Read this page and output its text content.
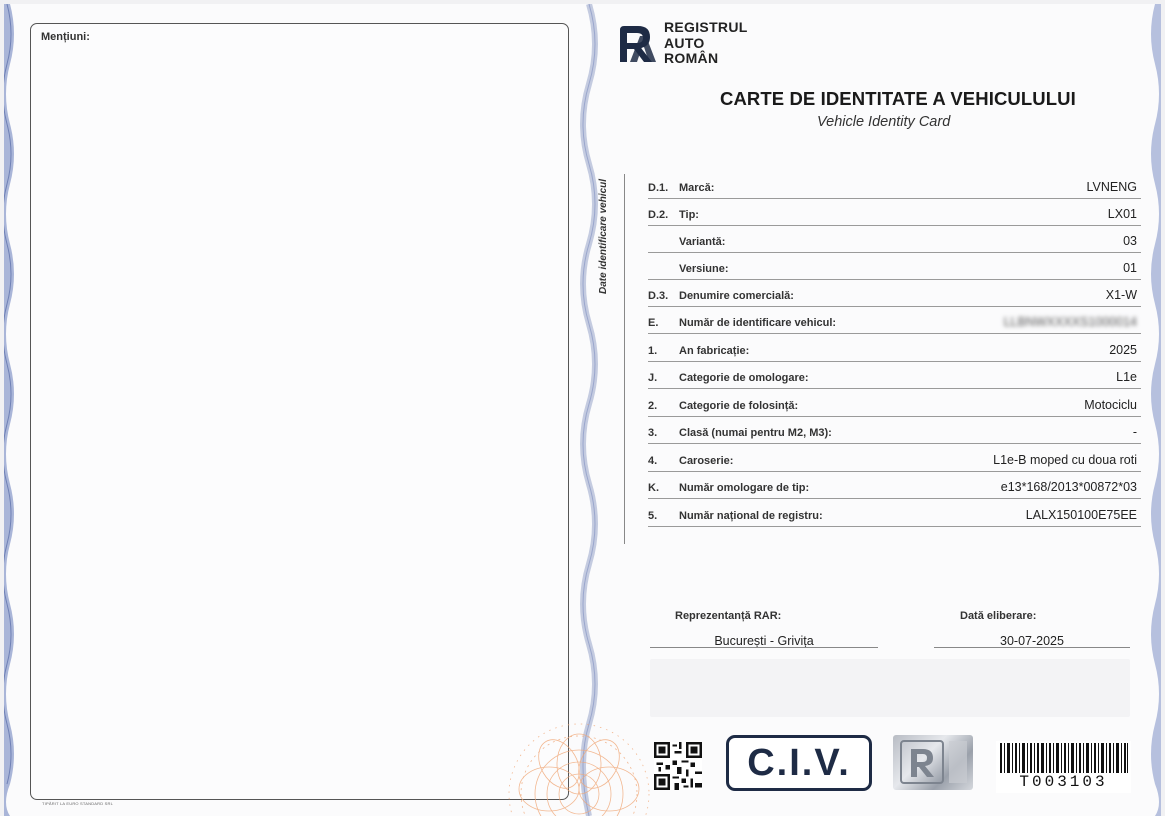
Mențiuni:
TIPĂRIT LA EURO STANDARD SRL
REGISTRUL
AUTO
ROMÂN
CARTE DE IDENTITATE A VEHICULULUI
Vehicle Identity Card
Date identificare vehicul	D.1. Marcă:	LVNENG
D.2. Tip:	LX01
Variantă:	03
Versiune:	01
D.3. Denumire comercială:	X1-W
E. Număr de identificare vehicul:	LLBNWXXXXS1000014
1. An fabricație:	2025
J. Categorie de omologare:	L1e
2. Categorie de folosință:	Motociclu
3. Clasă (numai pentru M2, M3):	-
4. Caroserie:	L1e-B moped cu doua roti
K. Număr omologare de tip:	e13*168/2013*00872*03
5. Număr național de registru:	LALX150100E75EE
Reprezentanță RAR:	Dată eliberare:
București - Grivița	30-07-2025
C.I.V.	T003103
